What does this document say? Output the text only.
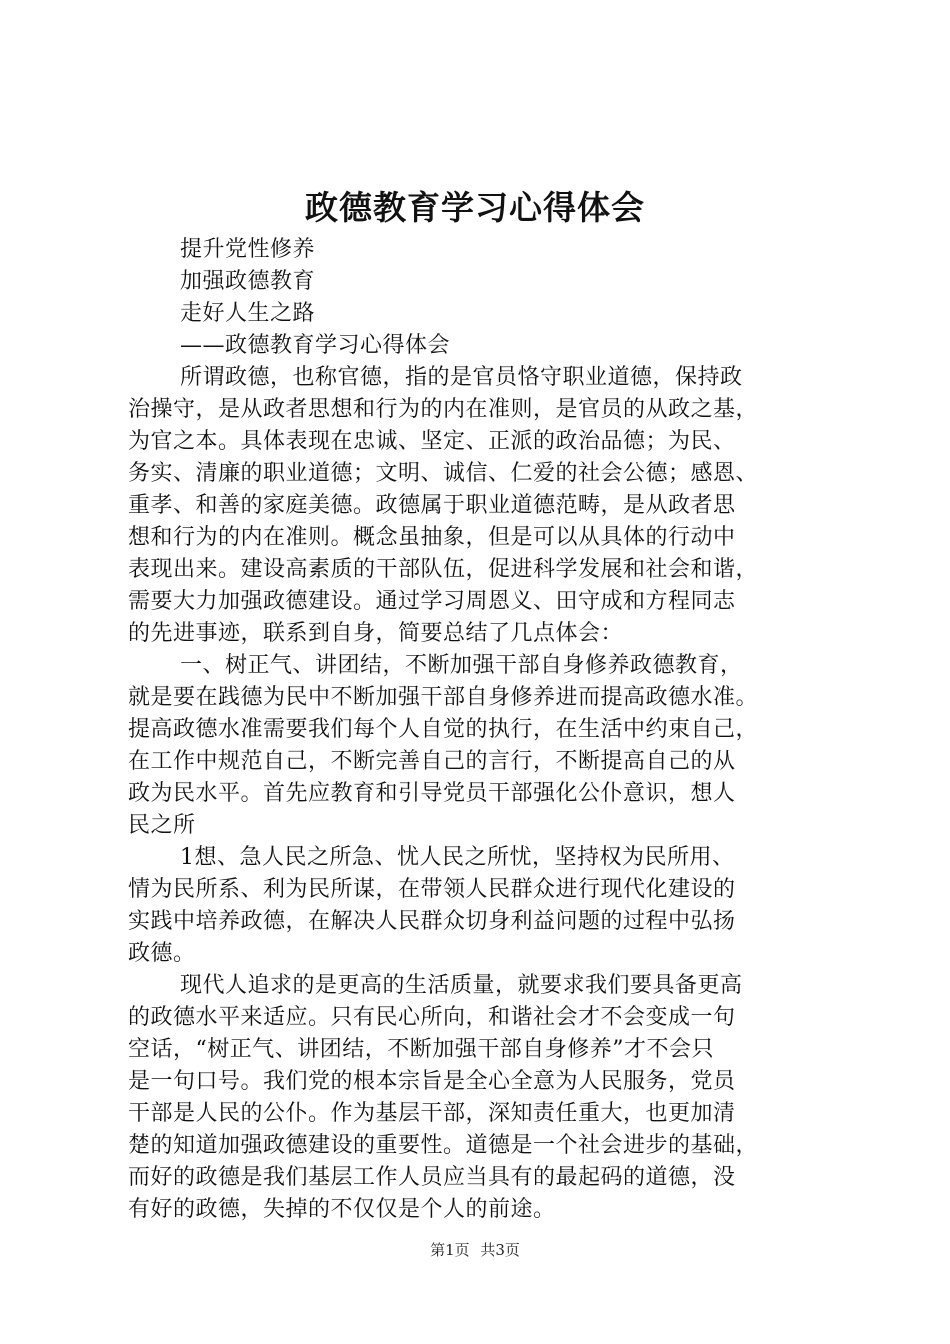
政德教育学习心得体会
提升党性修养
加强政德教育
走好人生之路
——政德教育学习心得体会
所谓政德，也称官德，指的是官员恪守职业道德，保持政
治操守，是从政者思想和行为的内在准则，是官员的从政之基，
为官之本。具体表现在忠诚、坚定、正派的政治品德；为民、
务实、清廉的职业道德；文明、诚信、仁爱的社会公德；感恩、
重孝、和善的家庭美德。政德属于职业道德范畴，是从政者思
想和行为的内在准则。概念虽抽象，但是可以从具体的行动中
表现出来。建设高素质的干部队伍，促进科学发展和社会和谐，
需要大力加强政德建设。通过学习周恩义、田守成和方程同志
的先进事迹，联系到自身，简要总结了几点体会：
一、树正气、讲团结，不断加强干部自身修养政德教育，
就是要在践德为民中不断加强干部自身修养进而提高政德水准。
提高政德水准需要我们每个人自觉的执行，在生活中约束自己，
在工作中规范自己，不断完善自己的言行，不断提高自己的从
政为民水平。首先应教育和引导党员干部强化公仆意识，想人
民之所
1想、急人民之所急、忧人民之所忧，坚持权为民所用、
情为民所系、利为民所谋，在带领人民群众进行现代化建设的
实践中培养政德，在解决人民群众切身利益问题的过程中弘扬
政德。
现代人追求的是更高的生活质量，就要求我们要具备更高
的政德水平来适应。只有民心所向，和谐社会才不会变成一句
空话，“树正气、讲团结，不断加强干部自身修养”才不会只
是一句口号。我们党的根本宗旨是全心全意为人民服务，党员
干部是人民的公仆。作为基层干部，深知责任重大，也更加清
楚的知道加强政德建设的重要性。道德是一个社会进步的基础，
而好的政德是我们基层工作人员应当具有的最起码的道德，没
有好的政德，失掉的不仅仅是个人的前途。
第1页 共3页
